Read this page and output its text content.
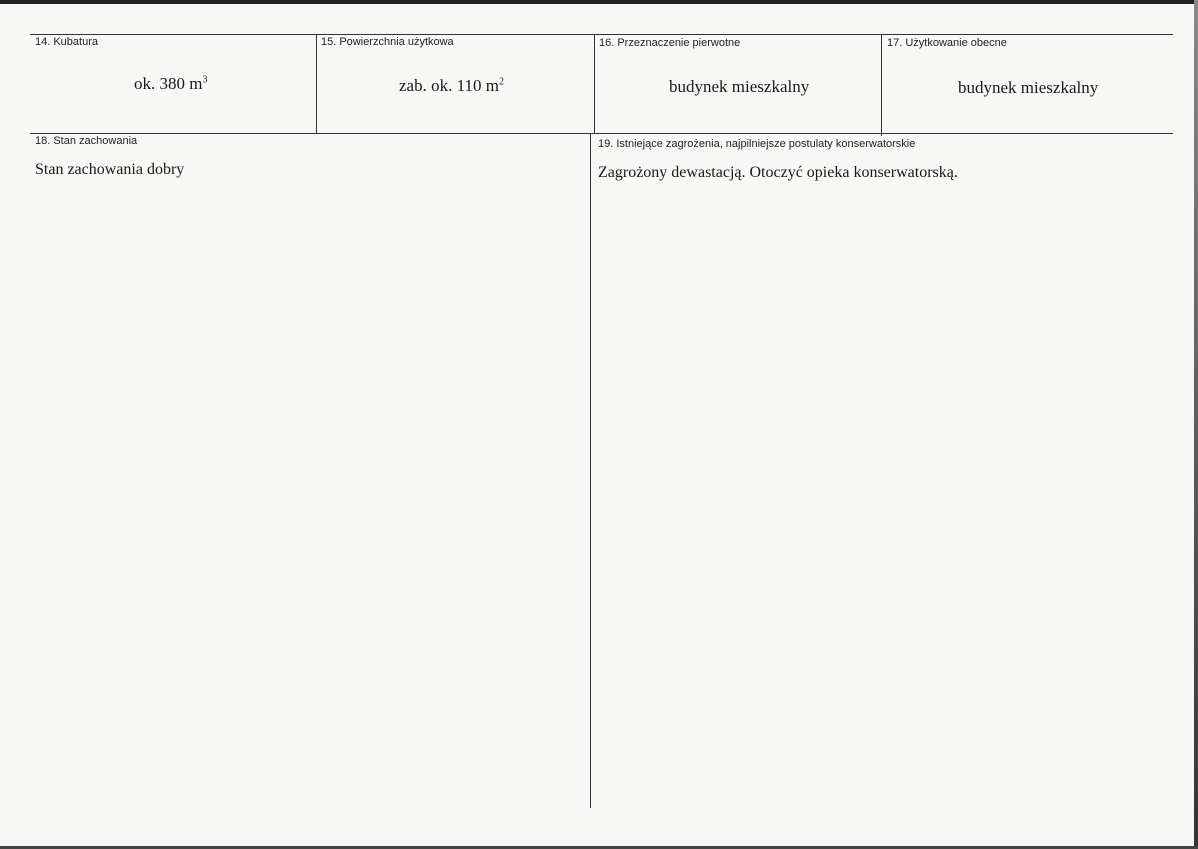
14. Kubatura
ok. 380 $m^3$
15. Powierzchnia użytkowa
zab. ok. 110 $m^2$
16. Przeznaczenie pierwotne
budynek mieszkalny
17. Użytkowanie obecne
budynek mieszkalny
18. Stan zachowania
Stan zachowania dobry
19. Istniejące zagrożenia, najpilniejsze postulaty konserwatorskie
Zagrożony dewastacją. Otoczyć opieka konserwatorską.
